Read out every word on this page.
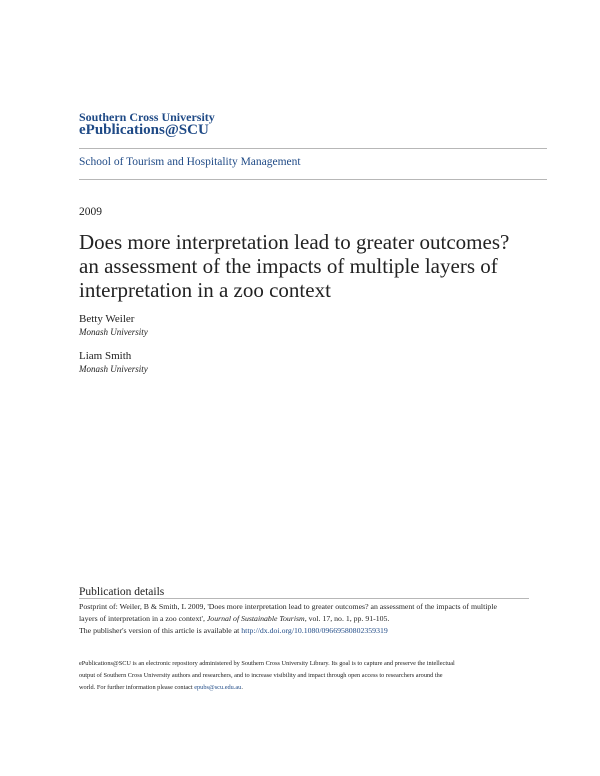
Southern Cross University
ePublications@SCU
School of Tourism and Hospitality Management
2009
Does more interpretation lead to greater outcomes?
an assessment of the impacts of multiple layers of
interpretation in a zoo context
Betty Weiler
Monash University
Liam Smith
Monash University
Publication details
Postprint of: Weiler, B & Smith, L 2009, 'Does more interpretation lead to greater outcomes? an assessment of the impacts of multiple
layers of interpretation in a zoo context', Journal of Sustainable Tourism, vol. 17, no. 1, pp. 91-105.
The publisher's version of this article is available at http://dx.doi.org/10.1080/09669580802359319
ePublications@SCU is an electronic repository administered by Southern Cross University Library. Its goal is to capture and preserve the intellectual
output of Southern Cross University authors and researchers, and to increase visibility and impact through open access to researchers around the
world. For further information please contact epubs@scu.edu.au.
